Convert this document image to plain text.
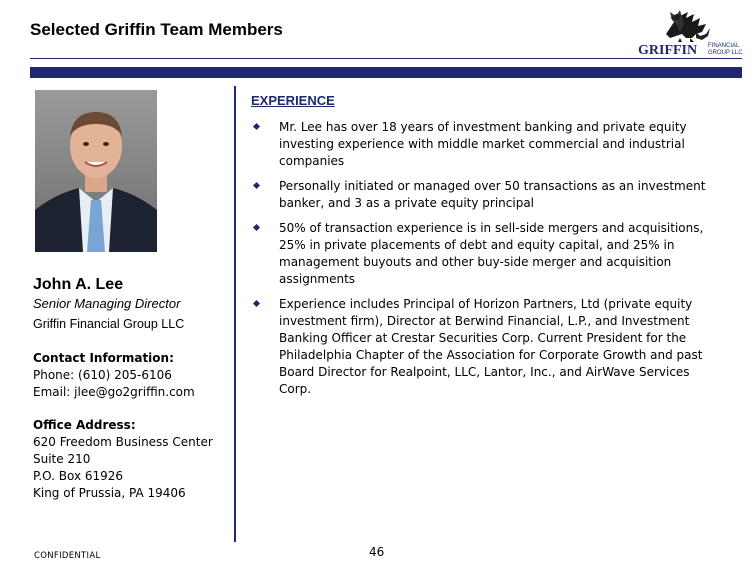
Selected Griffin Team Members
GRIFFIN FINANCIAL
GROUP LLC
John A. Lee
Senior Managing Director
Griffin Financial Group LLC
Contact Information:
Phone: (610) 205-6106
Email: jlee@go2griffin.com
Office Address:
620 Freedom Business Center
Suite 210
P.O. Box 61926
King of Prussia, PA 19406
EXPERIENCE
Mr. Lee has over 18 years of investment banking and private equity investing experience with middle market commercial and industrial companies
Personally initiated or managed over 50 transactions as an investment banker, and 3 as a private equity principal
50% of transaction experience is in sell-side mergers and acquisitions, 25% in private placements of debt and equity capital, and 25% in management buyouts and other buy-side merger and acquisition assignments
Experience includes Principal of Horizon Partners, Ltd (private equity investment firm), Director at Berwind Financial, L.P., and Investment Banking Officer at Crestar Securities Corp. Current President for the Philadelphia Chapter of the Association for Corporate Growth and past Board Director for Realpoint, LLC, Lantor, Inc., and AirWave Services Corp.
CONFIDENTIAL	46
